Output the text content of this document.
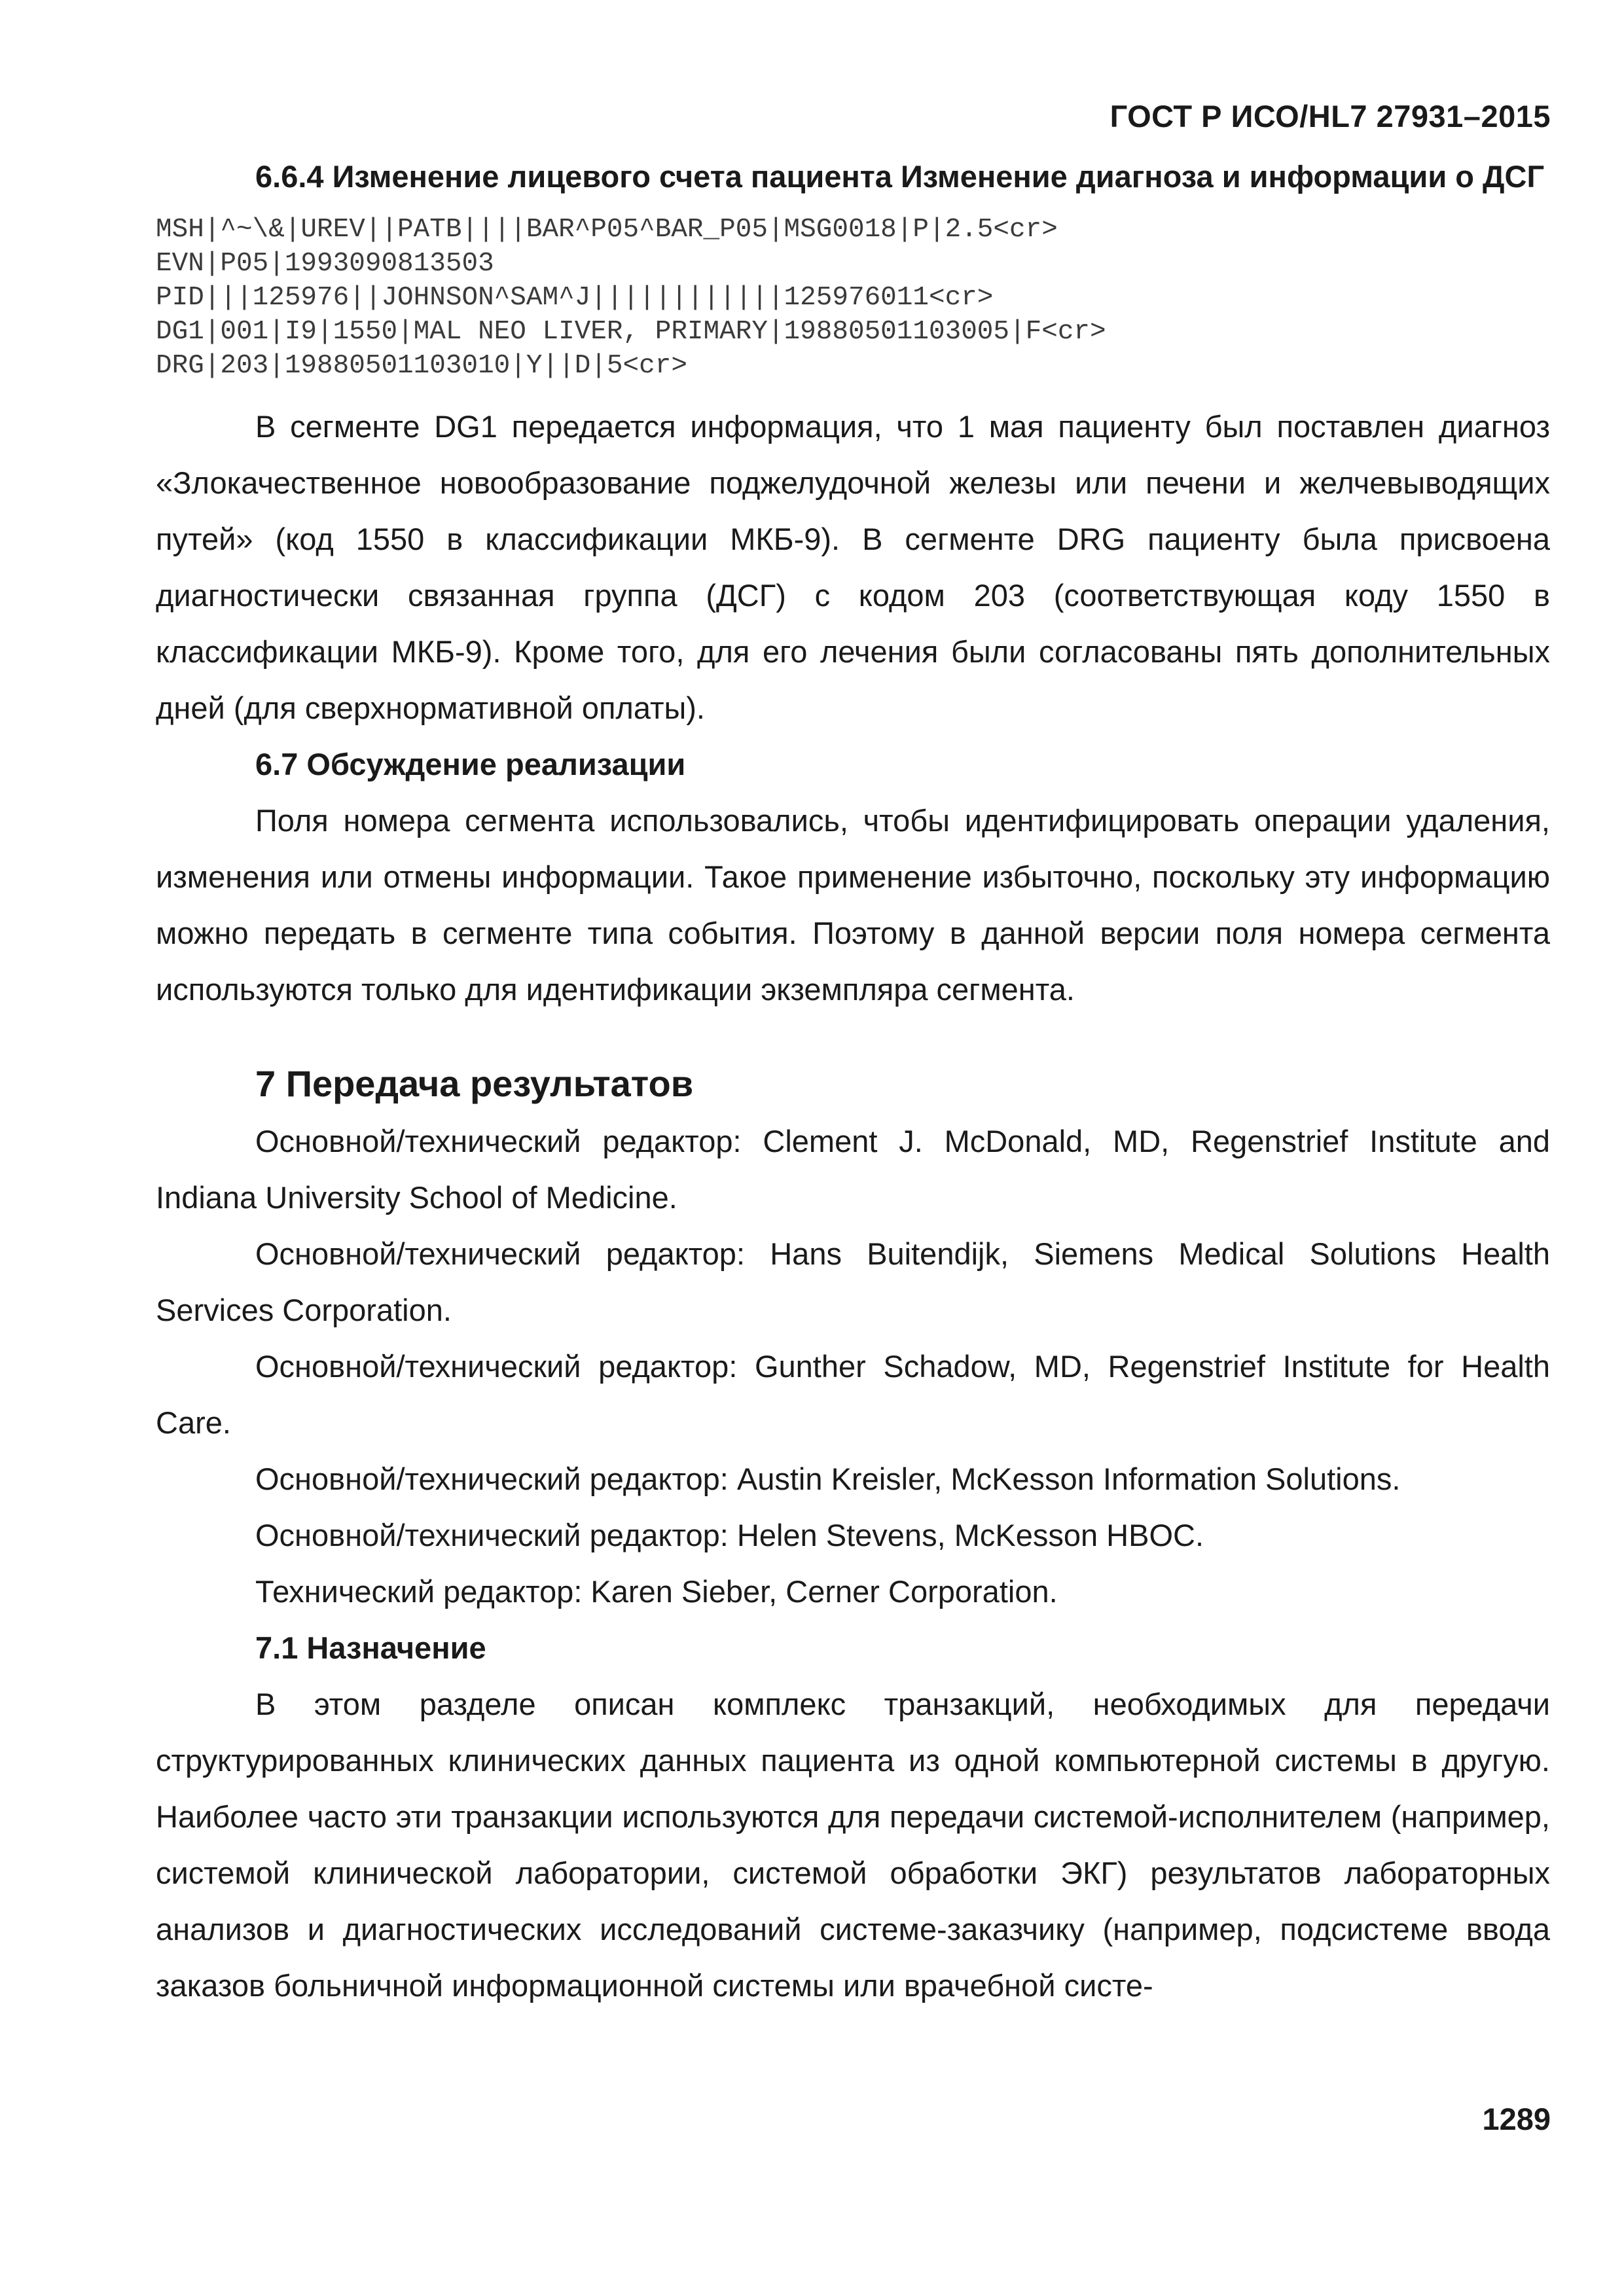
ГОСТ Р ИСО/HL7 27931–2015

6.6.4 Изменение лицевого счета пациента Изменение диагноза и информации о ДСГ

MSH|^~\&|UREV||PATB||||BAR^P05^BAR_P05|MSG0018|P|2.5<cr>
EVN|P05|1993090813503
PID|||125976||JOHNSON^SAM^J||||||||||||125976011<cr>
DG1|001|I9|1550|MAL NEO LIVER, PRIMARY|19880501103005|F<cr>
DRG|203|19880501103010|Y||D|5<cr>

В сегменте DG1 передается информация, что 1 мая пациенту был поставлен диагноз «Злокачественное новообразование поджелудочной железы или печени и желчевыводящих путей» (код 1550 в классификации МКБ-9). В сегменте DRG пациенту была присвоена диагностически связанная группа (ДСГ) с кодом 203 (соответствующая коду 1550 в классификации МКБ-9). Кроме того, для его лечения были согласованы пять дополнительных дней (для сверхнормативной оплаты).

6.7 Обсуждение реализации

Поля номера сегмента использовались, чтобы идентифицировать операции удаления, изменения или отмены информации. Такое применение избыточно, поскольку эту информацию можно передать в сегменте типа события. Поэтому в данной версии поля номера сегмента используются только для идентификации экземпляра сегмента.

7 Передача результатов

Основной/технический редактор: Clement J. McDonald, MD, Regenstrief Institute and Indiana University School of Medicine.

Основной/технический редактор: Hans Buitendijk, Siemens Medical Solutions Health Services Corporation.

Основной/технический редактор: Gunther Schadow, MD, Regenstrief Institute for Health Care.

Основной/технический редактор: Austin Kreisler, McKesson Information Solutions.

Основной/технический редактор: Helen Stevens, McKesson HBOC.

Технический редактор: Karen Sieber, Cerner Corporation.

7.1 Назначение

В этом разделе описан комплекс транзакций, необходимых для передачи структурированных клинических данных пациента из одной компьютерной системы в другую. Наиболее часто эти транзакции используются для передачи системой-исполнителем (например, системой клинической лаборатории, системой обработки ЭКГ) результатов лабораторных анализов и диагностических исследований системе-заказчику (например, подсистеме ввода заказов больничной информационной системы или врачебной систе-

1289
